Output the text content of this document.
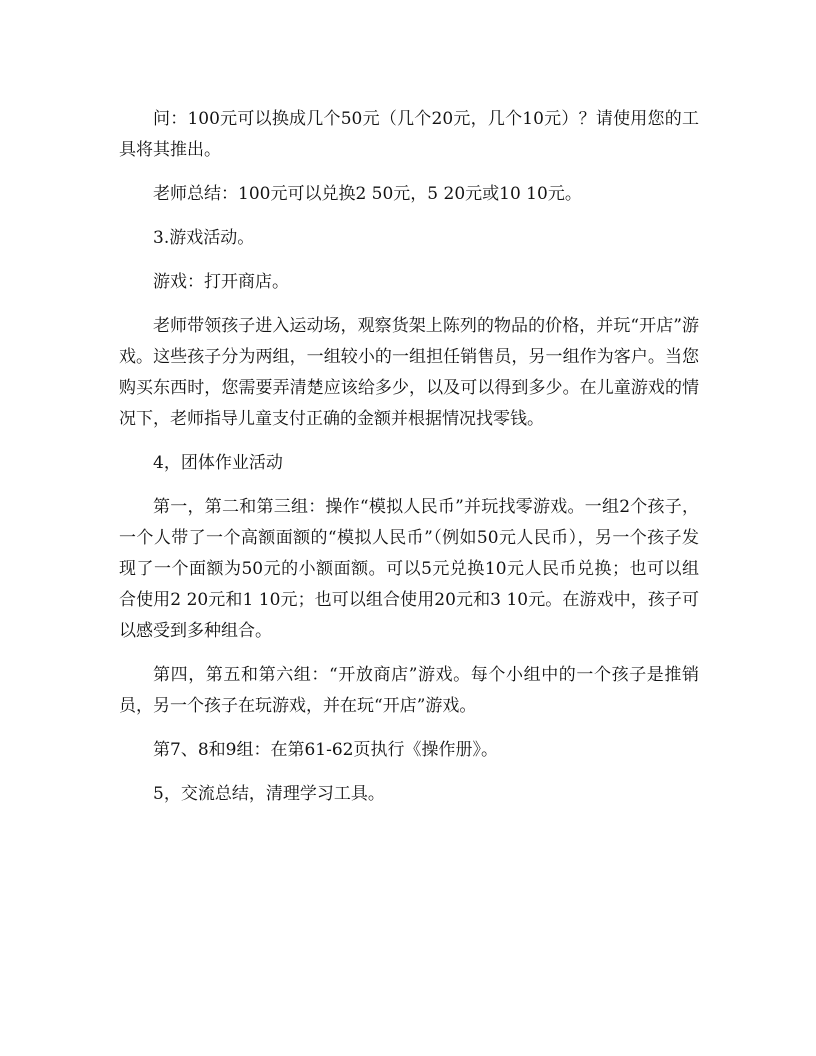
问：100元可以换成几个50元（几个20元，几个10元）？请使用您的工具将其推出。

老师总结：100元可以兑换2 50元，5 20元或10 10元。

3.游戏活动。

游戏：打开商店。

老师带领孩子进入运动场，观察货架上陈列的物品的价格，并玩“开店”游戏。这些孩子分为两组，一组较小的一组担任销售员，另一组作为客户。当您购买东西时，您需要弄清楚应该给多少，以及可以得到多少。在儿童游戏的情况下，老师指导儿童支付正确的金额并根据情况找零钱。

4，团体作业活动

第一，第二和第三组：操作“模拟人民币”并玩找零游戏。一组2个孩子，一个人带了一个高额面额的“模拟人民币”（例如50元人民币），另一个孩子发现了一个面额为50元的小额面额。可以5元兑换10元人民币兑换；也可以组合使用2 20元和1 10元；也可以组合使用20元和3 10元。在游戏中，孩子可以感受到多种组合。

第四，第五和第六组：“开放商店”游戏。每个小组中的一个孩子是推销员，另一个孩子在玩游戏，并在玩“开店”游戏。

第7、8和9组：在第61-62页执行《操作册》。

5，交流总结，清理学习工具。
